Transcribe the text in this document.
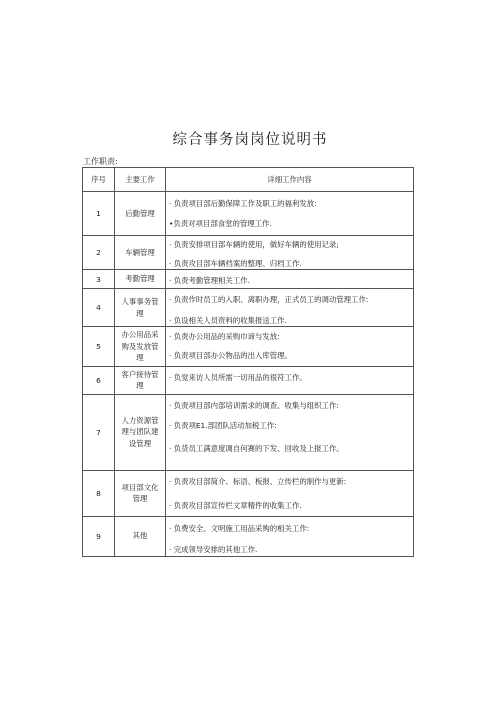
综合事务岗岗位说明书
工作职责:
序号	主要工作	详细工作内容
1	后勤管理	· 负责项目部后勤保障工作及职工的福利发放:
•负责对项目部食堂的管理工作.

2	车辆管理	· 负责安排项目部车辆的使用，做好车辆的使用记录;
· 负责攻目部车辆档案的整理、归档工作.

3	考勤管理	· 负责考勤管理相关工作.

4	人事事务管理	· 负责作时员工的入职、离职办理，正式员工的调动管理工作:
· 负设相关人员资料的收集报送工作.

5	办公用品采购及发放管理	· 负责办公用品的采购巾谛与发放:
· 负责项目部办公物品的出入库管理。

6	客户接待管理	· 负觉来访人员所需一切用品的很符工作。

7	人力资源管理与团队建设管理	· 负责项目部内部培训需求的调查、收集与组织工作:
· 负责项E1.部团队活动加税工作:
· 负货员工满意度调自何赛的下发、回收及上报工作。

8	项目部文化管理	· 负责攻目部简介、标语、板报、立传栏的制作与更新:
· 负责攻目部宣传栏文章精件的收集工作.

9	其他	· 负费安全、文明施工用品采购的相关工作:
· 完成领导安排的其他工作.
